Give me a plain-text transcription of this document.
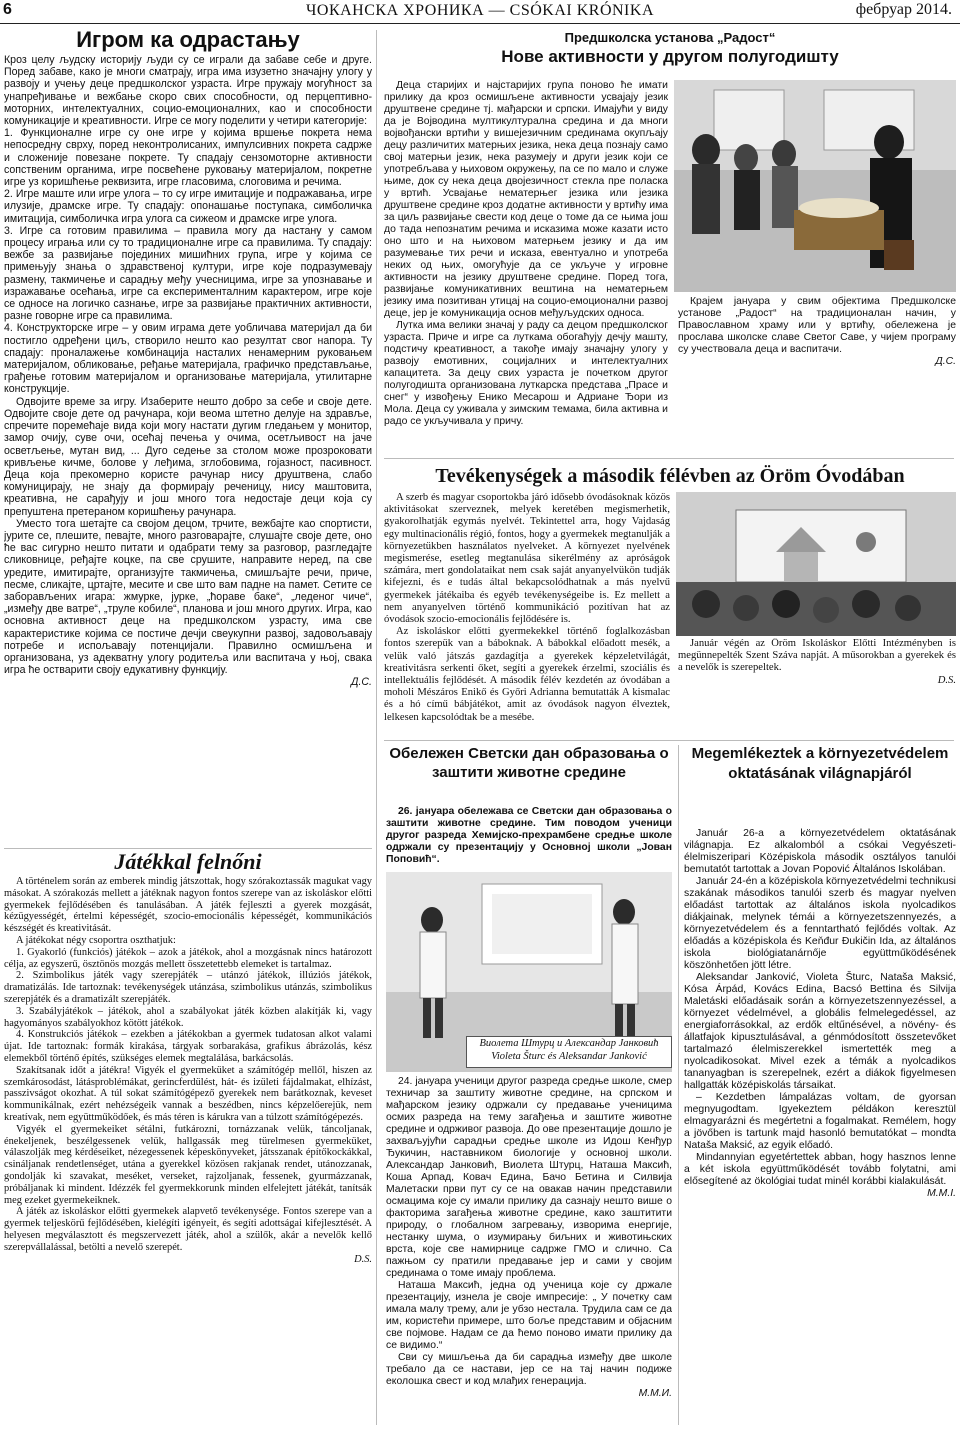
6	ЧОКАНСКА ХРОНИКА — CSÓKAI KRÓNIKA	фебруар 2014.
Игром ка одрастању

Кроз целу људску историју људи су се играли да забаве себе и друге. Поред забаве, како је многи сматрају, игра има изузетно значајну улогу у развоју и учењу деце предшколског узраста. Игре пружају могућност за унапређивање и вежбање скоро свих способности, од перцептивно-моторних, интелектуалних, социо-емоционалних, као и способности комуникације и креативности. Игре се могу поделити у четири категорије:

1. Функционалне игре су оне игре у којима вршење покрета нема непосредну сврху, поред неконтролисаних, импулсивних покрета садрже и сложеније повезане покрете. Ту спадају сензомоторне активности сопственим органима, игре посвећене руковању материјалом, покретне игре уз коришћење реквизита, игре гласовима, слоговима и речима.

2. Игре маште или игре улога – то су игре имитације и подражавања, игре илузије, драмске игре. Ту спадају: опонашање поступака, симболичка имитација, симболичка игра улога са сижеом и драмске игре улога.

3. Игре са готовим правилима – правила могу да настану у самом процесу играња или су то традиционалне игре са правилима. Ту спадају: вежбе за развијање појединих мишићних група, игре у којима се примењују знања о здравственој култури, игре које подразумевају размену, такмичење и сарадњу међу учесницима, игре за упознавање и изражавање осећања, игре са експерименталним карактером, игре које се односе на логичко сазнање, игре за развијање практичних активности, разне говорне игре са правилима.

4. Конструкторске игре – у овим играма дете уобличава материјал да би постигло одређени циљ, створило нешто као резултат свог напора. Ту спадају: проналажење комбинација насталих ненамерним руковањем материјалом, обликовање, ређање материјала, графичко представљање, грађење готовим материјалом и организовање материјала, утилитарне конструкције.

Одвојите време за игру. Изаберите нешто добро за себе и своје дете. Одвојите своје дете од рачунара, који веома штетно делује на здравље, спречите поремећаје вида који могу настати дугим гледањем у монитор, замор очију, суве очи, осећај печења у очима, осетљивост на јаче осветљење, мутан вид, ... Дуго седење за столом може прозроковати кривљење кичме, болове у леђима, зглобовима, гојазност, пасивност. Деца која прекомерно користе рачунар нису друштвена, слабо комуницирају, не знају да формирају реченицу, нису маштовита, креативна, не сарађују и још много тога недостаје деци која су препуштена претераном коришћењу рачунара.

Уместо тога шетајте са својом децом, трчите, вежбајте као спортисти, јурите се, плешите, певајте, много разговарајте, слушајте своје дете, оно ће вас сигурно нешто питати и одабрати тему за разговор, разгледајте сликовнице, ређајте коцке, па све срушите, направите неред, па све уредите, имитирајте, организујте такмичења, смишљајте речи, приче, песме, сликајте, цртајте, месите и све што вам падне на памет. Сетите се заборављених игара: жмурке, јурке, „ћораве баке“, „леденог чиче“, „између две ватре“, „труле кобиле“, планова и још много других. Игра, као основна активност деце на предшколском узрасту, има све карактеристике којима се постиче дечји свеукупни развој, задовољавају потребе и испољавају потенцијали. Правилно осмишљена и организована, уз адекватну улогу родитеља или васпитача у њој, свака игра ће остварити своју едукативну функцију.

Д.С.
Játékkal felnőni

A történelem során az emberek mindig játszottak, hogy szórakoztassák magukat vagy másokat. A szórakozás mellett a játéknak nagyon fontos szerepe van az iskoláskor előtti gyermekek fejlődésében és tanulásában. A játék fejleszti a gyerek mozgását, kézügyességét, értelmi képességét, szocio-emocionális képességét, kommunikációs készségét és kreativitását.

A játékokat négy csoportra oszthatjuk:

1. Gyakorló (funkciós) játékok – azok a játékok, ahol a mozgásnak nincs határozott célja, az egyszerű, ösztönös mozgás mellett összetettebb elemeket is tartalmaz.

2. Szimbolikus játék vagy szerepjáték – utánzó játékok, illúziós játékok, dramatizálás. Ide tartoznak: tevékenységek utánzása, szimbolikus utánzás, szimbolikus szerepjáték és a dramatizált szerepjáték.

3. Szabályjátékok – játékok, ahol a szabályokat játék közben alakítják ki, vagy hagyományos szabályokhoz kötött játékok.

4. Konstrukciós játékok – ezekben a játékokban a gyermek tudatosan alkot valami újat. Ide tartoznak: formák kirakása, tárgyak sorbarakása, grafikus ábrázolás, kész elemekből történő építés, szükséges elemek megtalálása, barkácsolás.

Szakítsanak időt a játékra! Vigyék el gyermeküket a számítógép mellől, hiszen az szemkárosodást, látásproblémákat, gerincferdülést, hát- és izületi fájdalmakat, elhízást, passzivságot okozhat. A túl sokat számítógépező gyerekek nem barátkoznak, keveset kommunikálnak, ezért nehézségeik vannak a beszédben, nincs képzelőerejük, nem kreatívak, nem együttműködőek, és más téren is kárukra van a túlzott számítógépezés.

Vigyék el gyermekeiket sétálni, futkározni, tornázzanak velük, táncoljanak, énekeljenek, beszélgessenek velük, hallgassák meg türelmesen gyermeküket, válaszolják meg kérdéseiket, nézegessenek képeskönyveket, játsszanak építőkockákkal, csináljanak rendetlenséget, utána a gyerekkel közösen rakjanak rendet, utánozzanak, gondolják ki szavakat, meséket, verseket, rajzoljanak, fessenek, gyurmázzanak, próbáljanak ki mindent. Idézzék fel gyermekkorunk minden elfelejtett játékát, tanítsák meg ezeket gyermekeiknek.

A játék az iskoláskor előtti gyermekek alapvető tevékenysége. Fontos szerepe van a gyermek teljeskörű fejlődésében, kielégíti igényeit, és segíti adottságai kifejlesztését. A helyesen megválasztott és megszervezett játék, ahol a szülők, akár a nevelők kellő szerepvállalással, betölti a nevelő szerepét.

D.S.
Предшколска установа „Радост“
Нове активности у другом полугодишту

Деца старијих и најстаријих група поново ће имати прилику да кроз осмишљене активности усвајају језик друштвене средине тј. мађарски и српски. Имајући у виду да је Војводина мултикултурална средина и да многи војвођански вртићи у вишејезичним срединама окупљају децу различитих матерњих језика, нека деца познају само свој матерњи језик, нека разумеју и други језик који се употребљава у њиховом окружењу, па се по мало и служе њиме, док су нека деца двојезичност стекла пре поласка у вртић. Усвајање нематерњег језика или језика друштвене средине кроз додатне активности у вртићу има за циљ развијање свести код деце о томе да се њима још до тада непознатим речима и исказима може казати исто оно што и на њиховом матерњем језику и да им разумевање тих речи и исказа, евентуално и употреба неких од њих, омогућује да се укључе у игровне активности на језику друштвене средине. Поред тога, развијање комуникативних вештина на нематерњем језику има позитиван утицај на социо-емоционални развој деце, јер је комуникација основ међуљудских односа.

Лутка има велики значај у раду са децом предшколског узраста. Приче и игре са луткама обогаћују дечју машту, подстичу креативност, а такође имају значајну улогу у развоју емотивних, социјалних и интелектуалних капацитета. За децу свих узраста је почетком другог полугодишта организована луткарска представа „Прасе и снег“ у извођењу Енико Месарош и Адриане Ђори из Мола. Деца су уживала у зимским темама, била активна и радо се укључивала у причу.

Крајем јануара у свим објектима Предшколске установе „Радост“ на традиционалан начин, у Православном храму или у вртићу, обележена је прослава школске славе Светог Саве, у чијем програму су учествовала деца и васпитачи.

Д.С.
Tevékenységek a második félévben az Öröm Óvodában

A szerb és magyar csoportokba járó idősebb óvodásoknak közös aktivitásokat szerveznek, melyek keretében megismerhetik, gyakorolhatják egymás nyelvét. Tekintettel arra, hogy Vajdaság egy multinacionális régió, fontos, hogy a gyermekek megtanulják a környezetükben használatos nyelveket. A környezet nyelvének megismerése, esetleg megtanulása sikerélmény az apróságok számára, mert gondolataikat nem csak saját anyanyelvükön tudják kifejezni, és e tudás által bekapcsolódhatnak a más nyelvű gyermekek játékaiba és egyéb tevékenységeibe is. Ez mellett a nem anyanyelven történő kommunikáció pozitívan hat az óvodások szocio-emocionális fejlődésére is.

Az iskoláskor előtti gyermekekkel történő foglalkozásban fontos szerepük van a báboknak. A bábokkal előadott mesék, a velük való játszás gazdagítja a gyerekek képzeletvilágát, kreativitásra serkenti őket, segíti a gyerekek érzelmi, szociális és intellektuális fejlődését. A második félév kezdetén az óvodában a moholi Mészáros Enikő és Győri Adrianna bemutatták A kismalac és a hó című bábjátékot, amit az óvodások nagyon élveztek, lelkesen kapcsolódtak be a mesébe.

Január végén az Öröm Iskoláskor Előtti Intézményben is megünnepelték Szent Száva napját. A műsorokban a gyerekek és a nevelők is szerepeltek.

D.S.
Обележен Светски дан образовања о заштити животне средине

26. јануара обележава се Светски дан образовања о заштити животне средине. Тим поводом ученици другог разреда Хемијско-прехрамбене средње школе одржали су презентацију у Основној школи „Јован Поповић“.

Виолета Штурц и Александар Јанковић
Violeta Šturc és Aleksandar Janković

24. јануара ученици другог разреда средње школе, смер техничар за заштиту животне средине, на српском и мађарском језику одржали су предавање ученицима осмих разреда на тему загађења и заштите животне средине и одрживог развоја. До ове презентације дошло је захваљујући сарадњи средње школе из Идош Кенђур Ђукичин, наставником биологије у основној школи. Александар Јанковић, Виолета Штурц, Наташа Максић, Коша Арпад, Ковач Едина, Бачо Бетина и Силвија Малетаски први пут су се на овакав начин представили осмацима које су имали прилику да сазнају нешто више о факторима загађења животне средине, како заштитити природу, о глобалном загревању, изворима енергије, нестанку шума, о изумирању биљних и животињских врста, које све намирнице садрже ГМО и слично. Са пажњом су пратили предавање јер и сами у својим срединама о томе имају проблема.

Наташа Максић, једна од ученица које су држале презентацију, изнела је своје импресије: „ У почетку сам имала малу трему, али је убзо нестала. Трудила сам се да им, користећи примере, што боље представим и објасним све појмове. Надам се да ћемо поново имати прилику да се видимо.“

Сви су мишљења да би сарадња између две школе требало да се настави, јер се на тај начин подиже еколошка свест и код млађих генерација.

М.М.И.
Megemlékeztek a környezetvédelem oktatásának világnapjáról

Január 26-a a környezetvédelem oktatásának világnapja. Ez alkalomból a csókai Vegyészeti-élelmiszeripari Középiskola második osztályos tanulói bemutatót tartottak a Jovan Popović Általános Iskolában.

Január 24-én a középiskola környezetvédelmi technikusi szakának másodikos tanulói szerb és magyar nyelven előadást tartottak az általános iskola nyolcadikos diákjainak, melynek témái a környezetszennyezés, a környezetvédelem és a fenntartható fejlődés voltak. Az előadás a középiskola és Keňđur Đukičin Ida, az általános iskola biológiatanárnője együttműködésének köszönhetően jött létre.

Aleksandar Janković, Violeta Šturc, Nataša Maksić, Kósa Árpád, Kovács Edina, Bacsó Bettina és Silvija Maletáski előadásaik során a környezetszennyezéssel, a környezet védelmével, a globális felmelegedéssel, az energiaforrásokkal, az erdők eltűnésével, a növény- és állatfajok kipusztulásával, a génmódosított összetevőket tartalmazó élelmiszerekkel ismertették meg a nyolcadikosokat. Mivel ezek a témák a nyolcadikos tananyagban is szerepelnek, ezért a diákok figyelmesen hallgatták középiskolás társaikat.

– Kezdetben lámpalázas voltam, de gyorsan megnyugodtam. Igyekeztem példákon keresztül elmagyarázni és megértetni a fogalmakat. Remélem, hogy a jövőben is tartunk majd hasonló bemutatókat – mondta Nataša Maksić, az egyik előadó.

Mindannyian egyetértettek abban, hogy hasznos lenne a két iskola együttműködését tovább folytatni, ami elősegítené az ökológiai tudat minél korábbi kialakulását.

M.M.I.
